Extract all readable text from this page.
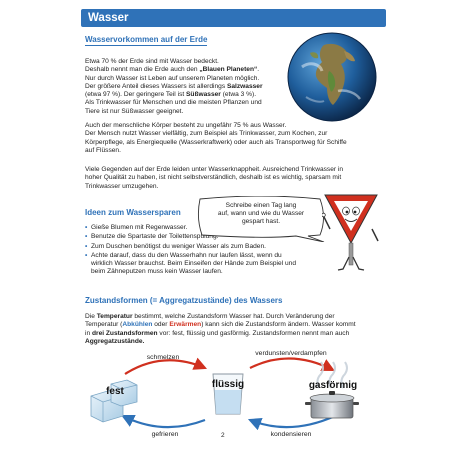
Wasser
Wasservorkommen auf der Erde
Etwa 70 % der Erde sind mit Wasser bedeckt.
Deshalb nennt man die Erde auch den „Blauen Planeten“.
Nur durch Wasser ist Leben auf unserem Planeten möglich.
Der größere Anteil dieses Wassers ist allerdings Salzwasser
(etwa 97 %). Der geringere Teil ist Süßwasser (etwa 3 %).
Als Trinkwasser für Menschen und die meisten Pflanzen und
Tiere ist nur Süßwasser geeignet.
Auch der menschliche Körper besteht zu ungefähr 75 % aus Wasser.
Der Mensch nutzt Wasser vielfältig, zum Beispiel als Trinkwasser, zum Kochen, zur
Körperpflege, als Energiequelle (Wasserkraftwerk) oder auch als Transportweg für Schiffe
auf Flüssen.
Viele Gegenden auf der Erde leiden unter Wasserknappheit. Ausreichend Trinkwasser in
hoher Qualität zu haben, ist nicht selbstverständlich, deshalb ist es wichtig, sparsam mit
Trinkwasser umzugehen.
Ideen zum Wassersparen
• Gieße Blumen mit Regenwasser.
• Benutze die Spartaste der Toilettenspülung.
• Zum Duschen benötigst du weniger Wasser als zum Baden.
• Achte darauf, dass du den Wasserhahn nur laufen lässt, wenn du wirklich Wasser brauchst. Beim Einseifen der Hände zum Beispiel und beim Zähneputzen muss kein Wasser laufen.
Schreibe einen Tag lang
auf, wann und wie du Wasser
gespart hast.
Zustandsformen (= Aggregatzustände) des Wassers
Die Temperatur bestimmt, welche Zustandsform Wasser hat. Durch Veränderung der
Temperatur (Abkühlen oder Erwärmen) kann sich die Zustandsform ändern. Wasser kommt
in drei Zustandsformen vor: fest, flüssig und gasförmig. Zustandsformen nennt man auch
Aggregatzustände.
schmelzen
verdunsten/verdampfen
gefrieren	kondensieren
fest
flüssig	gasförmig
2
